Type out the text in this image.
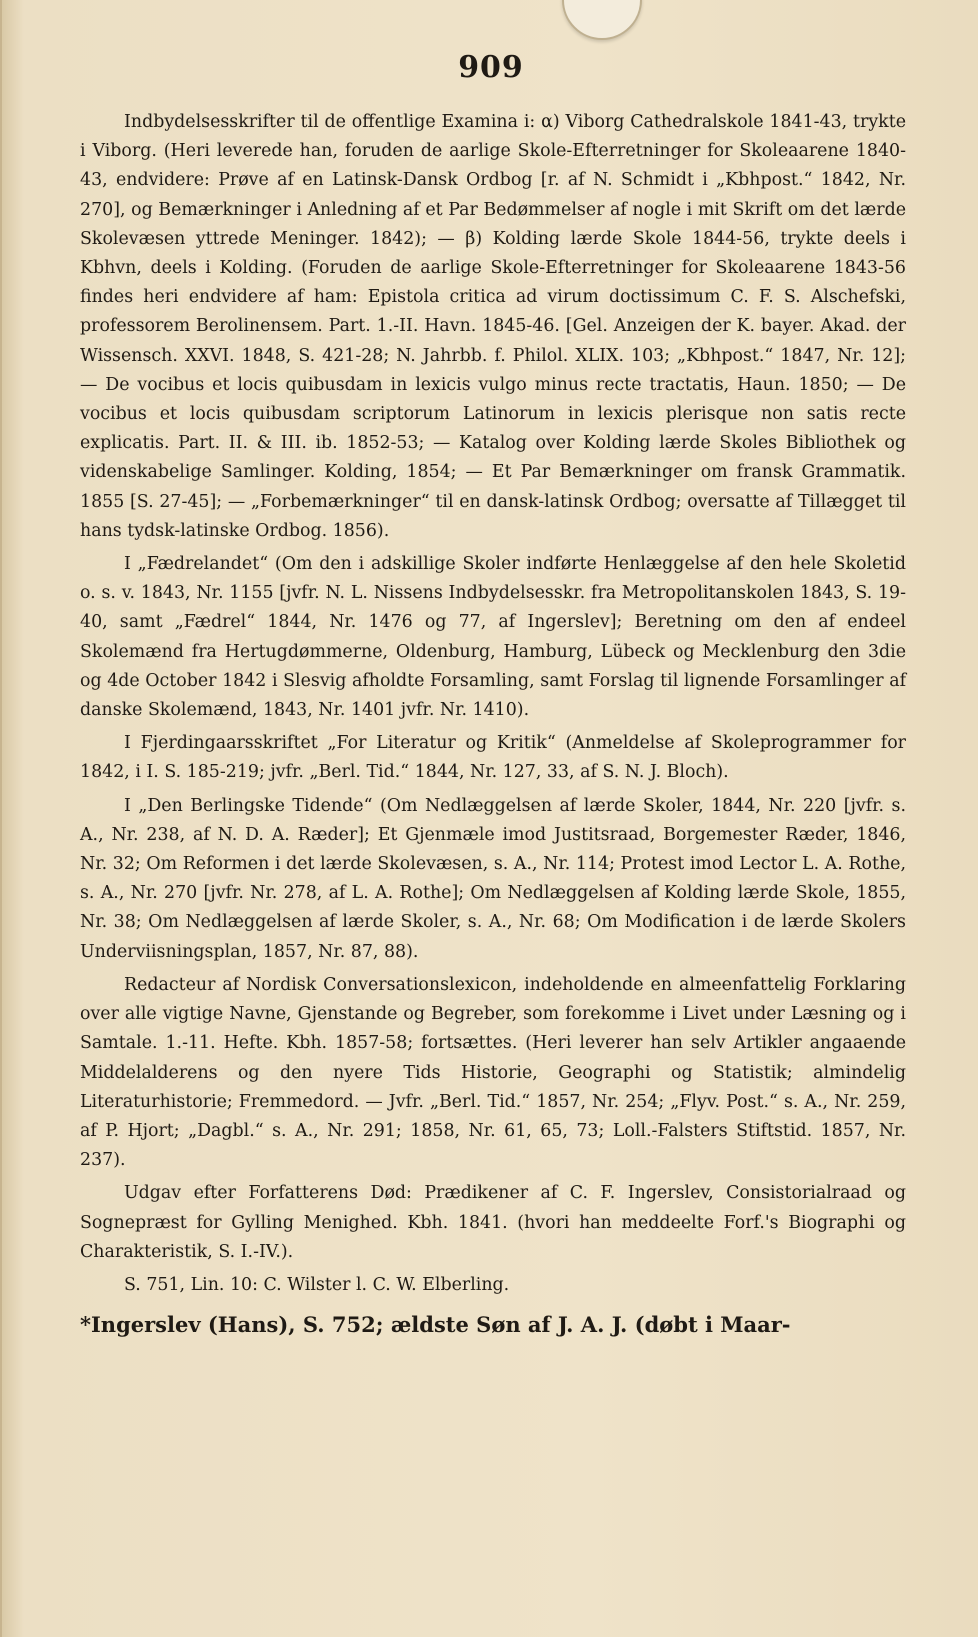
909

Indbydelsesskrifter til de offentlige Examina i: α) Viborg Cathedralskole 1841-43, trykte i Viborg. (Heri leverede han, foruden de aarlige Skole-Efterretninger for Skoleaarene 1840-43, endvidere: Prøve af en Latinsk-Dansk Ordbog [r. af N. Schmidt i „Kbhpost.“ 1842, Nr. 270], og Bemærkninger i Anledning af et Par Bedømmelser af nogle i mit Skrift om det lærde Skolevæsen yttrede Meninger. 1842); — β) Kolding lærde Skole 1844-56, trykte deels i Kbhvn, deels i Kolding. (Foruden de aarlige Skole-Efterretninger for Skoleaarene 1843-56 findes heri endvidere af ham: Epistola critica ad virum doctissimum C. F. S. Alschefski, professorem Berolinensem. Part. 1.-II. Havn. 1845-46. [Gel. Anzeigen der K. bayer. Akad. der Wissensch. XXVI. 1848, S. 421-28; N. Jahrbb. f. Philol. XLIX. 103; „Kbhpost.“ 1847, Nr. 12]; — De vocibus et locis quibusdam in lexicis vulgo minus recte tractatis, Haun. 1850; — De vocibus et locis quibusdam scriptorum Latinorum in lexicis plerisque non satis recte explicatis. Part. II. & III. ib. 1852-53; — Katalog over Kolding lærde Skoles Bibliothek og videnskabelige Samlinger. Kolding, 1854; — Et Par Bemærkninger om fransk Grammatik. 1855 [S. 27-45]; — „Forbemærkninger“ til en dansk-latinsk Ordbog; oversatte af Tillægget til hans tydsk-latinske Ordbog. 1856).

I „Fædrelandet“ (Om den i adskillige Skoler indførte Henlæggelse af den hele Skoletid o. s. v. 1843, Nr. 1155 [jvfr. N. L. Nissens Indbydelsesskr. fra Metropolitanskolen 1843, S. 19-40, samt „Fædrel“ 1844, Nr. 1476 og 77, af Ingerslev]; Beretning om den af endeel Skolemænd fra Hertugdømmerne, Oldenburg, Hamburg, Lübeck og Mecklenburg den 3die og 4de October 1842 i Slesvig afholdte Forsamling, samt Forslag til lignende Forsamlinger af danske Skolemænd, 1843, Nr. 1401 jvfr. Nr. 1410).

I Fjerdingaarsskriftet „For Literatur og Kritik“ (Anmeldelse af Skoleprogrammer for 1842, i I. S. 185-219; jvfr. „Berl. Tid.“ 1844, Nr. 127, 33, af S. N. J. Bloch).

I „Den Berlingske Tidende“ (Om Nedlæggelsen af lærde Skoler, 1844, Nr. 220 [jvfr. s. A., Nr. 238, af N. D. A. Ræder]; Et Gjenmæle imod Justitsraad, Borgemester Ræder, 1846, Nr. 32; Om Reformen i det lærde Skolevæsen, s. A., Nr. 114; Protest imod Lector L. A. Rothe, s. A., Nr. 270 [jvfr. Nr. 278, af L. A. Rothe]; Om Nedlæggelsen af Kolding lærde Skole, 1855, Nr. 38; Om Nedlæggelsen af lærde Skoler, s. A., Nr. 68; Om Modification i de lærde Skolers Underviisningsplan, 1857, Nr. 87, 88).

Redacteur af Nordisk Conversationslexicon, indeholdende en almeenfattelig Forklaring over alle vigtige Navne, Gjenstande og Begreber, som forekomme i Livet under Læsning og i Samtale. 1.-11. Hefte. Kbh. 1857-58; fortsættes. (Heri leverer han selv Artikler angaaende Middelalderens og den nyere Tids Historie, Geographi og Statistik; almindelig Literaturhistorie; Fremmedord. — Jvfr. „Berl. Tid.“ 1857, Nr. 254; „Flyv. Post.“ s. A., Nr. 259, af P. Hjort; „Dagbl.“ s. A., Nr. 291; 1858, Nr. 61, 65, 73; Loll.-Falsters Stiftstid. 1857, Nr. 237).

Udgav efter Forfatterens Død: Prædikener af C. F. Ingerslev, Consistorialraad og Sognepræst for Gylling Menighed. Kbh. 1841. (hvori han meddeelte Forf.'s Biographi og Charakteristik, S. I.-IV.).

S. 751, Lin. 10: C. Wilster l. C. W. Elberling.

*Ingerslev (Hans), S. 752; ældste Søn af J. A. J. (døbt i Maar-
